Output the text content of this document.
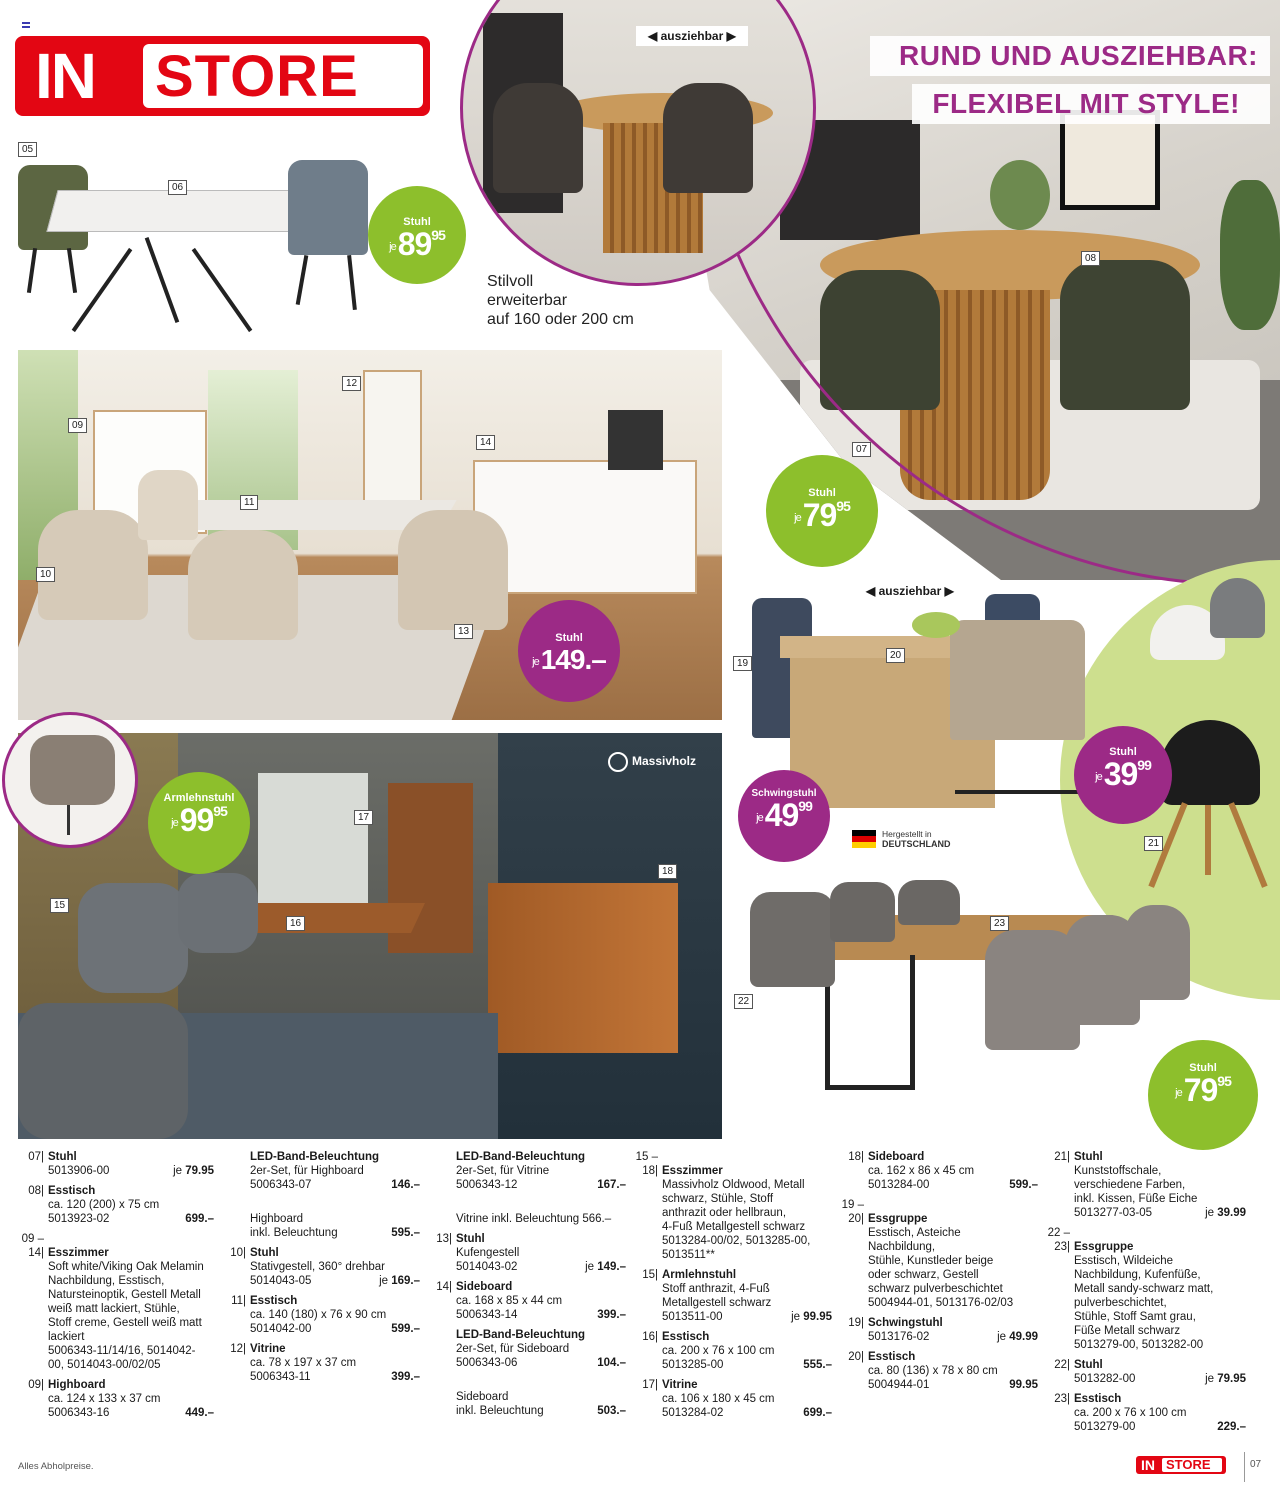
IN STORE	RUND UND AUSZIEHBAR:
FLEXIBEL MIT STYLE!
◀ ausziehbar ▶
Stuhl
$je89^{95}$
Stilvoll
erweiterbar
auf 160 oder 200 cm
Stuhl
je149.–
Stuhl
$je79^{95}$
◀ ausziehbar ▶
Schwingstuhl
$je49^{99}$
Stuhl
$je39^{99}$
Hergestellt in
DEUTSCHLAND
Massivholz
Armlehnstuhl
$je99^{95}$
Stuhl
$je79^{95}$
05
06
07
08
09
10
11
12
13
14
15
16
17
18
19
20
21
22
23
07| Stuhl
5013906-00	je 79.95
08| Esstisch
ca. 120 (200) x 75 cm
5013923-02	699.–
09 – 14| Esszimmer
Soft white/Viking Oak Melamin
Nachbildung, Esstisch,
Natursteinoptik, Gestell Metall
weiß matt lackiert, Stühle,
Stoff creme, Gestell weiß matt
lackiert
5006343-11/14/16, 5014042-
00, 5014043-00/02/05
09| Highboard
ca. 124 x 133 x 37 cm
5006343-16	449.–
LED-Band-Beleuchtung
2er-Set, für Highboard
5006343-07	146.–
Highboard
inkl. Beleuchtung	595.–
10| Stuhl
Stativgestell, 360° drehbar
5014043-05	je 169.–
11| Esstisch
ca. 140 (180) x 76 x 90 cm
5014042-00	599.–
12| Vitrine
ca. 78 x 197 x 37 cm
5006343-11	399.–
LED-Band-Beleuchtung
2er-Set, für Vitrine
5006343-12	167.–
Vitrine inkl. Beleuchtung 566.–
13| Stuhl
Kufengestell
5014043-02	je 149.–
14| Sideboard
ca. 168 x 85 x 44 cm
5006343-14	399.–
LED-Band-Beleuchtung
2er-Set, für Sideboard
5006343-06	104.–
Sideboard
inkl. Beleuchtung	503.–
15 – 18| Esszimmer
Massivholz Oldwood, Metall
schwarz, Stühle, Stoff
anthrazit oder hellbraun,
4-Fuß Metallgestell schwarz
5013284-00/02, 5013285-00,
5013511**
15| Armlehnstuhl
Stoff anthrazit, 4-Fuß
Metallgestell schwarz
5013511-00	je 99.95
16| Esstisch
ca. 200 x 76 x 100 cm
5013285-00	555.–
17| Vitrine
ca. 106 x 180 x 45 cm
5013284-02	699.–
18| Sideboard
ca. 162 x 86 x 45 cm
5013284-00	599.–
19 – 20| Essgruppe
Esstisch, Asteiche
Nachbildung,
Stühle, Kunstleder beige
oder schwarz, Gestell
schwarz pulverbeschichtet
5004944-01, 5013176-02/03
19| Schwingstuhl
5013176-02	je 49.99
20| Esstisch
ca. 80 (136) x 78 x 80 cm
5004944-01	99.95
21| Stuhl
Kunststoffschale,
verschiedene Farben,
inkl. Kissen, Füße Eiche
5013277-03-05	je 39.99
22 – 23| Essgruppe
Esstisch, Wildeiche
Nachbildung, Kufenfüße,
Metall sandy-schwarz matt,
pulverbeschichtet,
Stühle, Stoff Samt grau,
Füße Metall schwarz
5013279-00, 5013282-00
22| Stuhl
5013282-00	je 79.95
23| Esstisch
ca. 200 x 76 x 100 cm
5013279-00	229.–
Alles Abholpreise.	IN STORE	07
